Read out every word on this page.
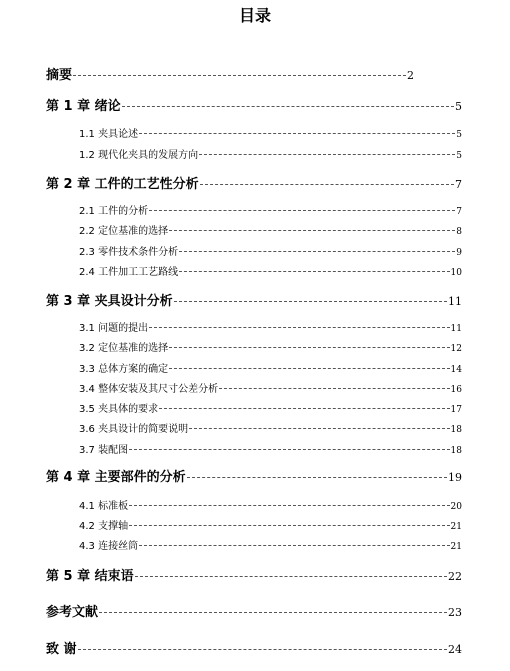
目录
摘要	2
第 1 章 绪论	5
1.1 夹具论述	5
1.2 现代化夹具的发展方向	5
第 2 章 工件的工艺性分析	7
2.1 工件的分析	7
2.2 定位基准的选择	8
2.3 零件技术条件分析	9
2.4 工件加工工艺路线	10
第 3 章 夹具设计分析	11
3.1 问题的提出	11
3.2 定位基准的选择	12
3.3 总体方案的确定	14
3.4 整体安装及其尺寸公差分析	16
3.5 夹具体的要求	17
3.6 夹具设计的简要说明	18
3.7 装配图	18
第 4 章 主要部件的分析	19
4.1 标准板	20
4.2 支撑轴	21
4.3 连接丝筒	21
第 5 章 结束语	22
参考文献	23
致 谢	24
